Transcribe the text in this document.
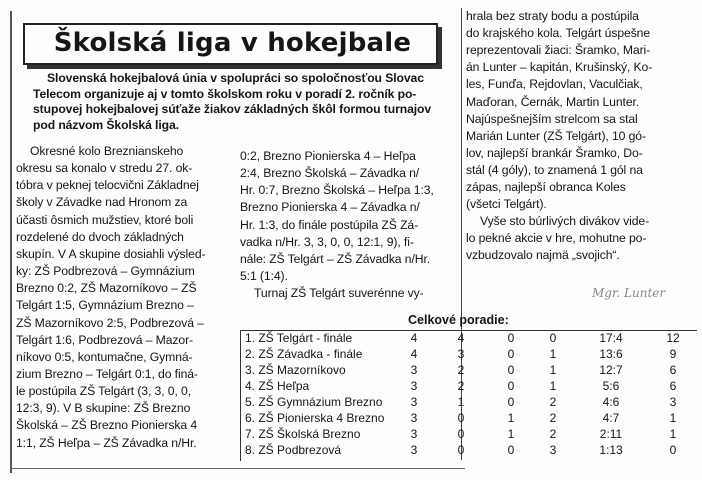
Školská liga v hokejbale
Slovenská hokejbalová únia v spolupráci so spoločnosťou Slovac
Telecom organizuje aj v tomto školskom roku v poradí 2. ročník po-
stupovej hokejbalovej súťaže žiakov základných škôl formou turnajov
pod názvom Školská liga.
Okresné kolo Breznianskeho
okresu sa konalo v stredu 27. ok-
tóbra v peknej telocvični Základnej
školy v Závadke nad Hronom za
účasti ôsmich mužstiev, ktoré boli
rozdelené do dvoch základných
skupín. V A skupine dosiahli výsled-
ky: ZŠ Podbrezová – Gymnázium
Brezno 0:2, ZŠ Mazorníkovo – ZŠ
Telgárt 1:5, Gymnázium Brezno –
ZŠ Mazorníkovo 2:5, Podbrezová –
Telgárt 1:6, Podbrezová – Mazor-
níkovo 0:5, kontumačne, Gymná-
zium Brezno – Telgárt 0:1, do finá-
le postúpila ZŠ Telgárt (3, 3, 0, 0,
12:3, 9). V B skupine: ZŠ Brezno
Školská – ZŠ Brezno Pionierska 4
1:1, ZŠ Heľpa – ZŠ Závadka n/Hr.
0:2, Brezno Pionierska 4 – Heľpa
2:4, Brezno Školská – Závadka n/
Hr. 0:7, Brezno Školská – Heľpa 1:3,
Brezno Pionierska 4 – Závadka n/
Hr. 1:3, do finále postúpila ZŠ Zá-
vadka n/Hr. 3, 3, 0, 0, 12:1, 9), fi-
nále: ZŠ Telgárt – ZŠ Závadka n/Hr.
5:1 (1:4).
Turnaj ZŠ Telgárt suverénne vy-
hrala bez straty bodu a postúpila
do krajského kola. Telgárt úspešne
reprezentovali žiaci: Šramko, Mari-
án Lunter – kapitán, Krušinský, Ko-
les, Funďa, Rejdovlan, Vaculčiak,
Maďoran, Černák, Martin Lunter.
Najúspešnejším strelcom sa stal
Marián Lunter (ZŠ Telgárt), 10 gó-
lov, najlepší brankár Šramko, Do-
stál (4 góly), to znamená 1 gól na
zápas, najlepší obranca Koles
(všetci Telgárt).
Vyše sto búrlivých divákov vide-
lo pekné akcie v hre, mohutne po-
vzbudzovalo najmä „svojich“.
Mgr. Lunter
Celkové poradie:
1. ZŠ Telgárt - finále	4	4	0	0	17:4	12
2. ZŠ Závadka - finále	4	3	0	1	13:6	9
3. ZŠ Mazorníkovo	3	2	0	1	12:7	6
4. ZŠ Heľpa	3	2	0	1	5:6	6
5. ZŠ Gymnázium Brezno	3	1	0	2	4:6	3
6. ZŠ Pionierska 4 Brezno	3	0	1	2	4:7	1
7. ZŠ Školská Brezno	3	0	1	2	2:11	1
8. ZŠ Podbrezová	3	0	0	3	1:13	0
